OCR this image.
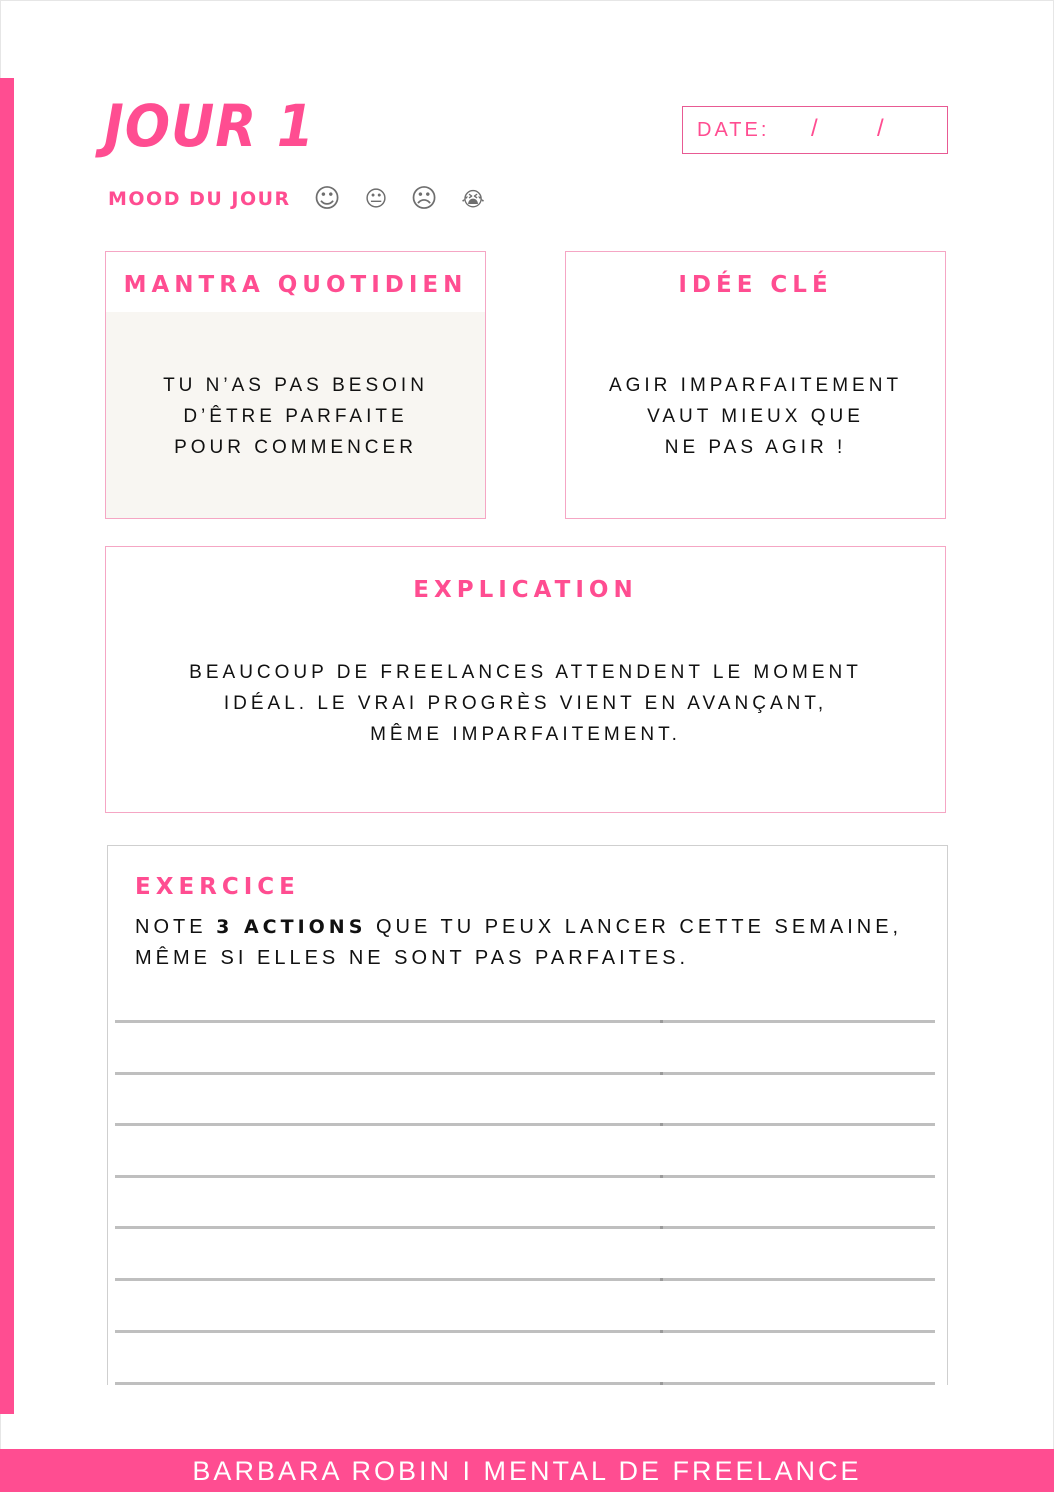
JOUR 1	DATE: / /
MOOD DU JOUR ☺ 😐 ☹ 😭
MANTRA QUOTIDIEN
TU N’AS PAS BESOIN
D’ÊTRE PARFAITE
POUR COMMENCER
IDÉE CLÉ
AGIR IMPARFAITEMENT
VAUT MIEUX QUE
NE PAS AGIR !
EXPLICATION
BEAUCOUP DE FREELANCES ATTENDENT LE MOMENT
IDÉAL. LE VRAI PROGRÈS VIENT EN AVANÇANT,
MÊME IMPARFAITEMENT.
EXERCICE
NOTE 3 ACTIONS QUE TU PEUX LANCER CETTE SEMAINE, MÊME SI ELLES NE SONT PAS PARFAITES.
BARBARA ROBIN I MENTAL DE FREELANCE
